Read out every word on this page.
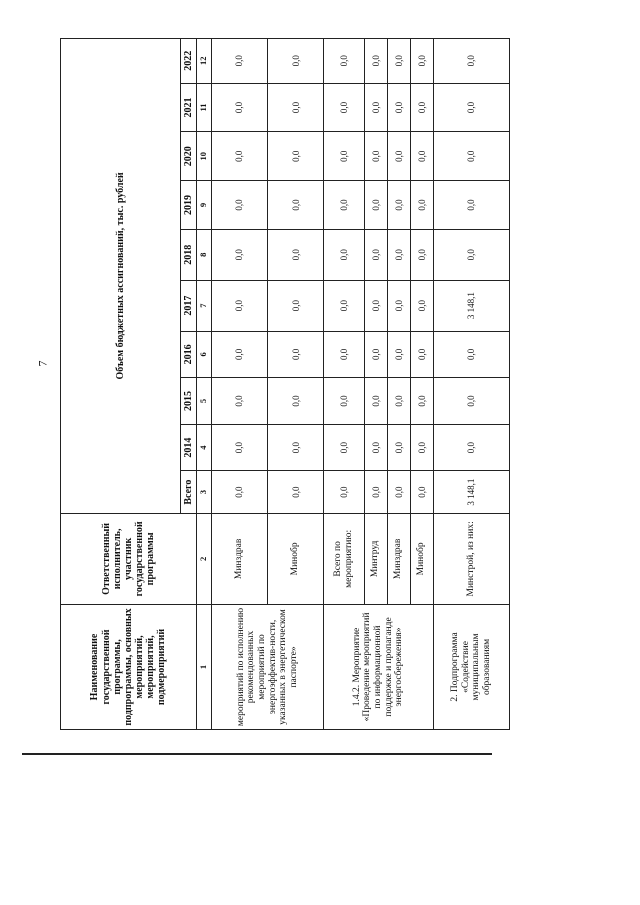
7
Наименование государственной программы, подпрограммы, основных мероприятий, мероприятий, подмероприятий	Ответственный исполнитель, участник государственной программы	Объем бюджетных ассигнований, тыс. рублей									
		Всего	2014	2015	2016	2017	2018	2019	2020	2021	2022
1	2	3	4	5	6	7	8	9	10	11	12
мероприятий по исполнению рекомендованных мероприятий по энергоэффектив-ности, указанных в энергетическом паспорте»	Минздрав	0,0	0,0	0,0	0,0	0,0	0,0	0,0	0,0	0,0	0,0
	Минобр	0,0	0,0	0,0	0,0	0,0	0,0	0,0	0,0	0,0	0,0
1.4.2. Мероприятие «Проведение мероприятий по информационной поддержке и пропаганде энергосбережения»	Всего по мероприятию:	0,0	0,0	0,0	0,0	0,0	0,0	0,0	0,0	0,0	0,0
	Минтруд	0,0	0,0	0,0	0,0	0,0	0,0	0,0	0,0	0,0	0,0
	Минздрав	0,0	0,0	0,0	0,0	0,0	0,0	0,0	0,0	0,0	0,0
	Минобр	0,0	0,0	0,0	0,0	0,0	0,0	0,0	0,0	0,0	0,0
2. Подпрограмма «Содействие муниципальным образованиям	Минстрой, из них:	3 148,1	0,0	0,0	0,0	3 148,1	0,0	0,0	0,0	0,0	0,0
